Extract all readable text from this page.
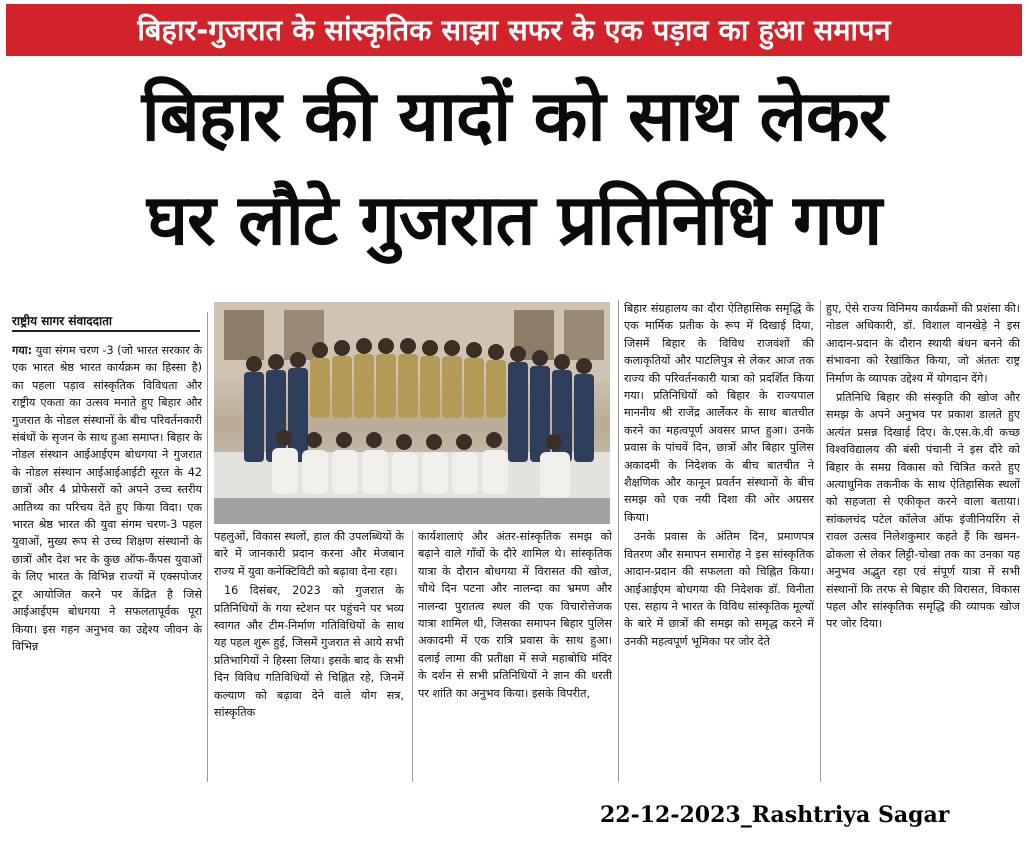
बिहार-गुजरात के सांस्कृतिक साझा सफर के एक पड़ाव का हुआ समापन
बिहार की यादों को साथ लेकर
घर लौटे गुजरात प्रतिनिधि गण
राष्ट्रीय सागर संवाददाता

गया: युवा संगम चरण -3 (जो भारत सरकार के एक भारत श्रेष्ठ भारत कार्यक्रम का हिस्सा है) का पहला पड़ाव सांस्कृतिक विविधता और राष्ट्रीय एकता का उत्सव मनाते हुए बिहार और गुजरात के नोडल संस्थानों के बीच परिवर्तनकारी संबंधों के सृजन के साथ हुआ समाप्त। बिहार के नोडल संस्थान आईआईएम बोधगया ने गुजरात के नोडल संस्थान आईआईआईटी सूरत के 42 छात्रों और 4 प्रोफेसरों को अपने उच्च स्तरीय आतिथ्य का परिचय देते हुए किया विदा। एक भारत श्रेष्ठ भारत की युवा संगम चरण-3 पहल युवाओं, मुख्य रूप से उच्च शिक्षण संस्थानों के छात्रों और देश भर के कुछ ऑफ-कैंपस युवाओं के लिए भारत के विभिन्न राज्यों में एक्सपोजर टूर आयोजित करने पर केंद्रित है जिसे आईआईएम बोधगया ने सफलतापूर्वक पूरा किया। इस गहन अनुभव का उद्देश्य जीवन के विभिन्न

पहलुओं, विकास स्थलों, हाल की उपलब्धियों के बारे में जानकारी प्रदान करना और मेजबान राज्य में युवा कनेक्टिविटी को बढ़ावा देना रहा।

16 दिसंबर, 2023 को गुजरात के प्रतिनिधियों के गया स्टेशन पर पहुंचने पर भव्य स्वागत और टीम-निर्माण गतिविधियों के साथ यह पहल शुरू हुई, जिसमें गुजरात से आये सभी प्रतिभागियों ने हिस्सा लिया। इसके बाद के सभी दिन विविध गतिविधियों से चिह्नित रहे, जिनमें कल्याण को बढ़ावा देने वाले योग सत्र, सांस्कृतिक

कार्यशालाएं और अंतर-सांस्कृतिक समझ को बढ़ाने वाले गाँवों के दौरे शामिल थे। सांस्कृतिक यात्रा के दौरान बोधगया में विरासत की खोज, चौथे दिन पटना और नालन्दा का भ्रमण और नालन्दा पुरातत्व स्थल की एक विचारोत्तेजक यात्रा शामिल थी, जिसका समापन बिहार पुलिस अकादमी में एक रात्रि प्रवास के साथ हुआ। दलाई लामा की प्रतीक्षा में सजे महाबोधि मंदिर के दर्शन से सभी प्रतिनिधियों ने ज्ञान की धरती पर शांति का अनुभव किया। इसके विपरीत,

बिहार संग्रहालय का दौरा ऐतिहासिक समृद्धि के एक मार्मिक प्रतीक के रूप में दिखाई दिया, जिसमें बिहार के विविध राजवंशों की कलाकृतियों और पाटलिपुत्र से लेकर आज तक राज्य की परिवर्तनकारी यात्रा को प्रदर्शित किया गया। प्रतिनिधियों को बिहार के राज्यपाल माननीय श्री राजेंद्र आर्लेकर के साथ बातचीत करने का महत्वपूर्ण अवसर प्राप्त हुआ। उनके प्रवास के पांचवें दिन, छात्रों और बिहार पुलिस अकादमी के निदेशक के बीच बातचीत ने शैक्षणिक और कानून प्रवर्तन संस्थानों के बीच समझ को एक नयी दिशा की ओर अग्रसर किया।

उनके प्रवास के अंतिम दिन, प्रमाणपत्र वितरण और समापन समारोह ने इस सांस्कृतिक आदान-प्रदान की सफलता को चिह्नित किया। आईआईएम बोधगया की निदेशक डॉ. विनीता एस. सहाय ने भारत के विविध सांस्कृतिक मूल्यों के बारे में छात्रों की समझ को समृद्ध करने में उनकी महत्वपूर्ण भूमिका पर जोर देते

हुए, ऐसे राज्य विनिमय कार्यक्रमों की प्रशंसा की। नोडल अधिकारी, डॉ. विशाल वानखेड़े ने इस आदान-प्रदान के दौरान स्थायी बंधन बनने की संभावना को रेखांकित किया, जो अंततः राष्ट्र निर्माण के व्यापक उद्देश्य में योगदान देंगे।

प्रतिनिधि बिहार की संस्कृति की खोज और समझ के अपने अनुभव पर प्रकाश डालते हुए अत्यंत प्रसन्न दिखाई दिए। के.एस.के.वी कच्छ विश्वविद्यालय की बंसी पंचानी ने इस दौरे को बिहार के समग्र विकास को चित्रित करते हुए अत्याधुनिक तकनीक के साथ ऐतिहासिक स्थलों को सहजता से एकीकृत करने वाला बताया। सांकलचंद पटेल कॉलेज ऑफ इंजीनियरिंग से रावल उत्सव निलेशकुमार कहते हैं कि खमन-ढोकला से लेकर लिट्टी-चोखा तक का उनका यह अनुभव अद्भुत रहा एवं संपूर्ण यात्रा में सभी संस्थानों कि तरफ से बिहार की विरासत, विकास पहल और सांस्कृतिक समृद्धि की व्यापक खोज पर जोर दिया।

22-12-2023_Rashtriya Sagar
